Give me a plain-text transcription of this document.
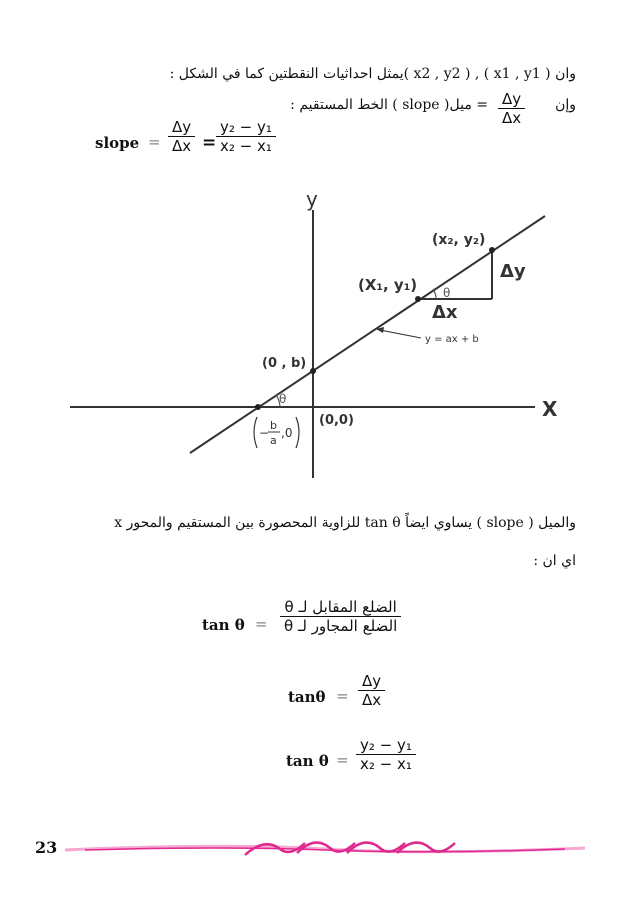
وان ( x1 , y1 ) , ( x2 , y2 )يمثل احداثيات النقطتين كما في الشكل :
وإن
Δy
Δx
= ميل( slope ) الخط المستقيم :
slope =
Δy
Δx =
y₂ − y₁
x₂ − x₁
y
X
(x₂, y₂)
(X₁, y₁) θ
Δy
Δx
y = ax + b
(0 , b)
(0,0)
θ
−
b
a
,0
والميل ( slope ) يساوي ايضاً tan θ للزاوية المحصورة بين المستقيم والمحور x
اي ان :
tan θ =
الضلع المقابل لـ θ
الضلع المجاور لـ θ
tanθ =
Δy
Δx
tan θ =
y₂ − y₁
x₂ − x₁
23
